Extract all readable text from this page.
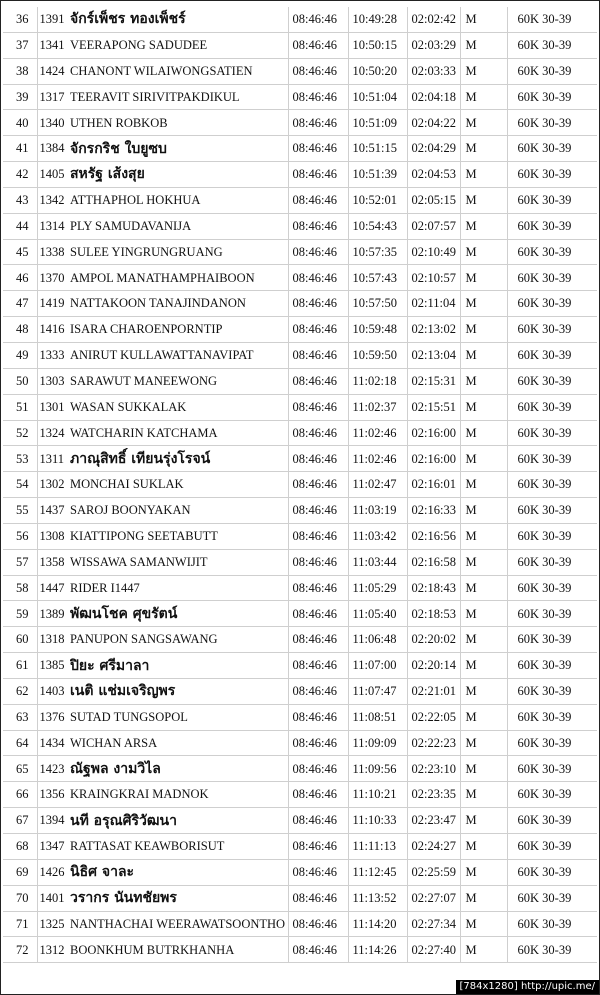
36	1391	จักร์เพ็ชร ทองเพ็ชร์	08:46:46	10:49:28	02:02:42	M	60K 30-39
37	1341	VEERAPONG SADUDEE	08:46:46	10:50:15	02:03:29	M	60K 30-39
38	1424	CHANONT WILAIWONGSATIEN	08:46:46	10:50:20	02:03:33	M	60K 30-39
39	1317	TEERAVIT SIRIVITPAKDIKUL	08:46:46	10:51:04	02:04:18	M	60K 30-39
40	1340	UTHEN ROBKOB	08:46:46	10:51:09	02:04:22	M	60K 30-39
41	1384	จักรกริช ใบยูซบ	08:46:46	10:51:15	02:04:29	M	60K 30-39
42	1405	สหรัฐ เส้งสุย	08:46:46	10:51:39	02:04:53	M	60K 30-39
43	1342	ATTHAPHOL HOKHUA	08:46:46	10:52:01	02:05:15	M	60K 30-39
44	1314	PLY SAMUDAVANIJA	08:46:46	10:54:43	02:07:57	M	60K 30-39
45	1338	SULEE YINGRUNGRUANG	08:46:46	10:57:35	02:10:49	M	60K 30-39
46	1370	AMPOL MANATHAMPHAIBOON	08:46:46	10:57:43	02:10:57	M	60K 30-39
47	1419	NATTAKOON TANAJINDANON	08:46:46	10:57:50	02:11:04	M	60K 30-39
48	1416	ISARA CHAROENPORNTIP	08:46:46	10:59:48	02:13:02	M	60K 30-39
49	1333	ANIRUT KULLAWATTANAVIPAT	08:46:46	10:59:50	02:13:04	M	60K 30-39
50	1303	SARAWUT MANEEWONG	08:46:46	11:02:18	02:15:31	M	60K 30-39
51	1301	WASAN SUKKALAK	08:46:46	11:02:37	02:15:51	M	60K 30-39
52	1324	WATCHARIN KATCHAMA	08:46:46	11:02:46	02:16:00	M	60K 30-39
53	1311	ภาณุสิทธิ์ เทียนรุ่งโรจน์	08:46:46	11:02:46	02:16:00	M	60K 30-39
54	1302	MONCHAI SUKLAK	08:46:46	11:02:47	02:16:01	M	60K 30-39
55	1437	SAROJ BOONYAKAN	08:46:46	11:03:19	02:16:33	M	60K 30-39
56	1308	KIATTIPONG SEETABUTT	08:46:46	11:03:42	02:16:56	M	60K 30-39
57	1358	WISSAWA SAMANWIJIT	08:46:46	11:03:44	02:16:58	M	60K 30-39
58	1447	RIDER I1447	08:46:46	11:05:29	02:18:43	M	60K 30-39
59	1389	พัฒนโชค ศุขรัตน์	08:46:46	11:05:40	02:18:53	M	60K 30-39
60	1318	PANUPON SANGSAWANG	08:46:46	11:06:48	02:20:02	M	60K 30-39
61	1385	ปิยะ ศรีมาลา	08:46:46	11:07:00	02:20:14	M	60K 30-39
62	1403	เนติ แช่มเจริญพร	08:46:46	11:07:47	02:21:01	M	60K 30-39
63	1376	SUTAD TUNGSOPOL	08:46:46	11:08:51	02:22:05	M	60K 30-39
64	1434	WICHAN ARSA	08:46:46	11:09:09	02:22:23	M	60K 30-39
65	1423	ณัฐพล งามวิไล	08:46:46	11:09:56	02:23:10	M	60K 30-39
66	1356	KRAINGKRAI MADNOK	08:46:46	11:10:21	02:23:35	M	60K 30-39
67	1394	นที อรุณศิริวัฒนา	08:46:46	11:10:33	02:23:47	M	60K 30-39
68	1347	RATTASAT KEAWBORISUT	08:46:46	11:11:13	02:24:27	M	60K 30-39
69	1426	นิธิศ จาละ	08:46:46	11:12:45	02:25:59	M	60K 30-39
70	1401	วรากร นันทชัยพร	08:46:46	11:13:52	02:27:07	M	60K 30-39
71	1325	NANTHACHAI WEERAWATSOONTHO	08:46:46	11:14:20	02:27:34	M	60K 30-39
72	1312	BOONKHUM BUTRKHANHA	08:46:46	11:14:26	02:27:40	M	60K 30-39
[784x1280] http://upic.me/
